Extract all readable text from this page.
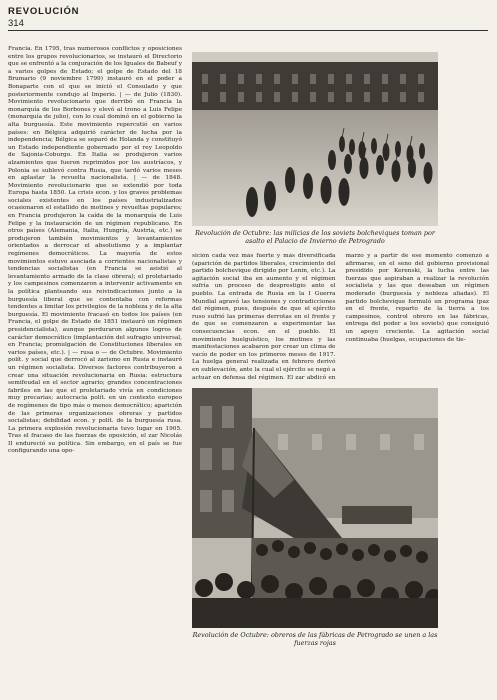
REVOLUCIÓN
314

Francia. En 1795, tras numerosos conflictos y oposiciones entre los grupos revolucionarios, se instauró el Directorio que se enfrentó a la conjuración de los Iguales de Babeuf y a varios golpes de Estado; el golpe de Estado del 18 Brumario (9 noviembre 1799) instauró en el poder a Bonaparte con el que se inició el Consulado y que posteriormente condujo al Imperio. | — de Julio (1830). Movimiento revolucionario que derribó en Francia la monarquía de los Borbones y elevó al trono a Luis Felipe (monarquía de julio), con lo cual dominó en el gobierno la alta burguesía. Este movimiento repercutió en varios países: en Bélgica adquirió carácter de lucha por la independencia; Bélgica se separó de Holanda y constituyó un Estado independiente gobernado por el rey Leopoldo de Sajonia-Coburgo. En Italia se produjeron varios alzamientos que fueron reprimidos por los austríacos, y Polonia se sublevó contra Rusia, que tardó varios meses en aplastar la revuelta nacionalista. | — de 1848. Movimiento revolucionario que se extendió por toda Europa hasta 1850. La crisis econ. y los graves problemas sociales existentes en los países industrializados ocasionaron el estallido de motines y revueltas populares; en Francia produjeron la caída de la monarquía de Luis Felipe y la instauración de un régimen republicano. En otros países (Alemania, Italia, Hungría, Austria, etc.) se produjeron también movimientos y levantamientos orientados a derrocar el absolutismo y a implantar regímenes democráticos. La mayoría de estos movimientos estuvo asociada a corrientes nacionalistas y tendencias socialistas (en Francia se asistió al levantamiento armado de la clase obrera); el proletariado y los campesinos comenzaron a intervenir activamente en la política planteando sus reivindicaciones junto a la burguesía liberal que se contentaba con reformas tendentes a limitar los privilegios de la nobleza y de la alta burguesía. El movimiento fracasó en todos los países (en Francia, el golpe de Estado de 1851 instauró un régimen presidencialista), aunque perduraron algunos logros de carácter democrático (implantación del sufragio universal, en Francia; promulgación de Constituciones liberales en varios países, etc.). | — rusa o — de Octubre. Movimiento polít. y social que derrocó al zarismo en Rusia e instauró un régimen socialista. Diversos factores contribuyeron a crear una situación revolucionaria en Rusia: estructura semifeudal en el sector agrario; grandes concentraciones fabriles en las que el proletariado vivía en condiciones muy precarias; autocracia polít. en un contexto europeo de regímenes de tipo más o menos democrático; aparición de las primeras organizaciones obreras y partidos socialistas; debilidad econ. y polít. de la burguesía rusa. La primera explosión revolucionaria tuvo lugar en 1905. Tras el fracaso de las fuerzas de oposición, el zar Nicolás II endureció su política. Sin embargo, en el país se fue configurando una opo-

Revolución de Octubre: las milicias de los soviets bolcheviques toman por asalto el Palacio de Invierno de Petrogrado

sición cada vez más fuerte y más diversificada (aparición de partidos liberales, crecimiento del partido bolchevique dirigido por Lenin, etc.). La agitación social iba en aumento y el régimen sufría un proceso de desprestigio ante el pueblo. La entrada de Rusia en la I Guerra Mundial agravó las tensiones y contradicciones del régimen, pues, después de que el ejército ruso sufrió las primeras derrotas en el frente y de que se comenzaron a experimentar las consecuencias econ. en el pueblo. El movimiento huelguístico, los motines y las manifestaciones acabaron por crear un clima de vacío de poder en los primeros meses de 1917. La huelga general realizada en febrero derivó en sublevación, ante la cual el ejército se negó a actuar en defensa del régimen. El zar abdicó en marzo y a partir de ese momento comenzó a afirmarse, en el seno del gobierno provisional presidido por Kerenski, la lucha entre las fuerzas que aspiraban a realizar la revolución socialista y las que deseaban un régimen moderado (burguesía y nobleza aliadas). El partido bolchevique formuló un programa (paz en el frente, reparto de la tierra a los campesinos, control obrero en las fábricas, entrega del poder a los soviets) que consiguió un apoyo creciente. La agitación social continuaba (huelgas, ocupaciones de tie-

Revolución de Octubre: obreros de las fábricas de Petrogrado se unen a las fuerzas rojas
